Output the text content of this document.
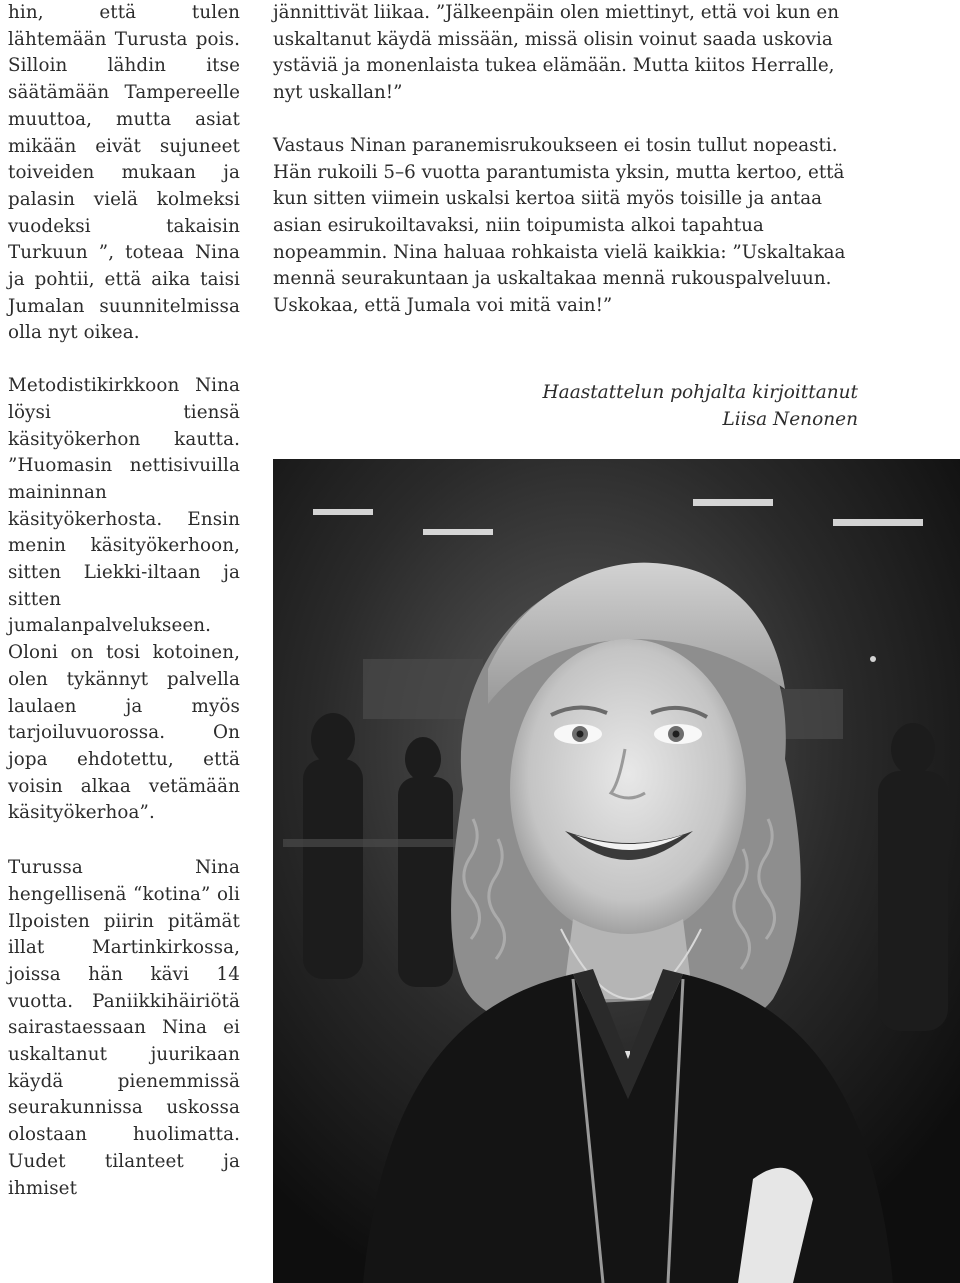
hin, että tulen lähtemään Turusta pois. Silloin lähdin itse säätämään Tampereelle muuttoa, mutta asiat mikään eivät sujuneet toiveiden mukaan ja palasin vielä kolmeksi vuodeksi takaisin Turkuun ”, toteaa Nina ja pohtii, että aika taisi Jumalan suunnitelmissa olla nyt oikea.

Metodistikirkkoon Nina löysi tiensä käsityökerhon kautta. ”Huomasin nettisivuilla maininnan käsityökerhosta. Ensin menin käsityökerhoon, sitten Liekki-iltaan ja sitten jumalanpalvelukseen. Oloni on tosi kotoinen, olen tykännyt palvella laulaen ja myös tarjoiluvuorossa. On jopa ehdotettu, että voisin alkaa vetämään käsityökerhoa”.

Turussa Nina hengellisenä “kotina” oli Ilpoisten piirin pitämät illat Martinkirkossa, joissa hän kävi 14 vuotta. Paniikkihäiriötä sairastaessaan Nina ei uskaltanut juurikaan käydä pienemmissä seurakunnissa uskossa olostaan huolimatta. Uudet tilanteet ja ihmiset

jännittivät liikaa. ”Jälkeenpäin olen miettinyt, että voi kun en uskaltanut käydä missään, missä olisin voinut saada uskovia ystäviä ja monenlaista tukea elämään. Mutta kiitos Herralle, nyt uskallan!”

Vastaus Ninan paranemisrukoukseen ei tosin tullut nopeasti. Hän rukoili 5–6 vuotta parantumista yksin, mutta kertoo, että kun sitten viimein uskalsi kertoa siitä myös toisille ja antaa asian esirukoiltavaksi, niin toipumista alkoi tapahtua nopeammin. Nina haluaa rohkaista vielä kaikkia: ”Uskaltakaa mennä seurakuntaan ja uskaltakaa mennä rukouspalveluun. Uskokaa, että Jumala voi mitä vain!”

Haastattelun pohjalta kirjoittanut
Liisa Nenonen
